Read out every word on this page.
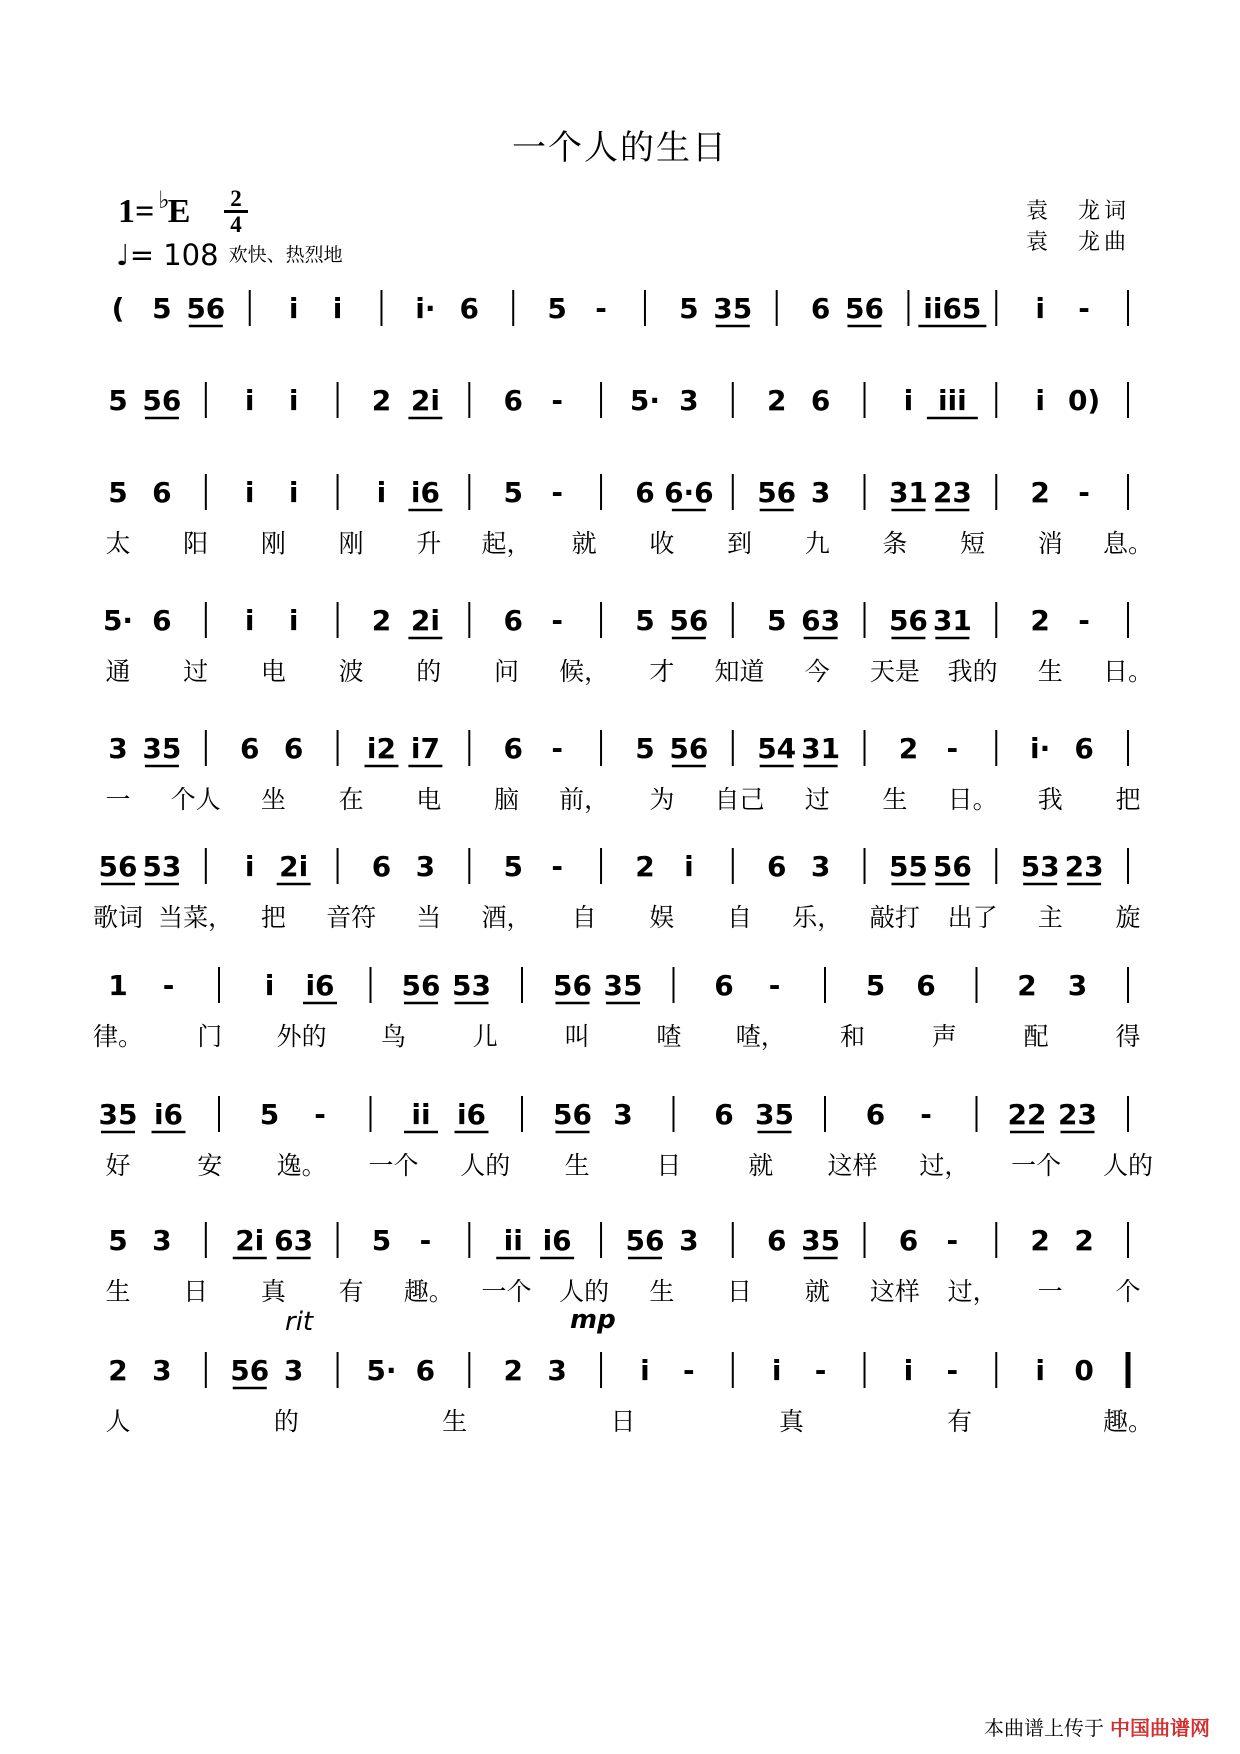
一个人的生日
1= ♭E 2
4
♩= 108 欢快、热烈地
袁　龙词
袁　龙曲
( 5 56 i i	i· 6 5 -	5 35 6 56 ii65 i -
5 56 i i	2 2i 6 - 5· 3 2 6	i iii i 0)
5 6	i i	i i6 5 -	6 6·6 56 3 31 23 2 -
太 阳 刚 刚 升 起， 就 收 到 九 条 短 消 息。
5· 6	i i	2 2i 6 -	5 56 5 63 56 31 2 -
通 过 电 波 的 问 候， 才 知道 今 天是 我的 生 日。
3 35 6 6 i2 i7 6 -	5 56 54 31 2 -	i· 6
一 个人 坐 在 电 脑 前， 为 自己 过 生 日。 我 把
56 53 i 2i 6 3 5 -	2 i	6 3 55 56 53 23
歌词 当菜， 把 音符 当 酒， 自 娱 自 乐， 敲打 出了 主 旋
1 -	i i6 56 53 56 35	6 -	5 6	2 3
律。 门 外的 鸟	儿	叫	喳 喳， 和	声	配	得
35 i6	5 -	ii i6 56 3	6 35	6 -	22 23
好	安 逸。 一个 人的 生	日	就 这样 过， 一个 人的
5 3 2i 63 5 -	ii i6 56 3 6 35 6 -	2 2
生 日 真 有 趣。 一个 人的 生 日 就 这样 过， 一 个
2 3 56 3 5· 6 2 3	i -	i -	i -	i 0
人	的	生	日	真	有	趣。
rit	mp
本曲谱上传于 中国曲谱网
